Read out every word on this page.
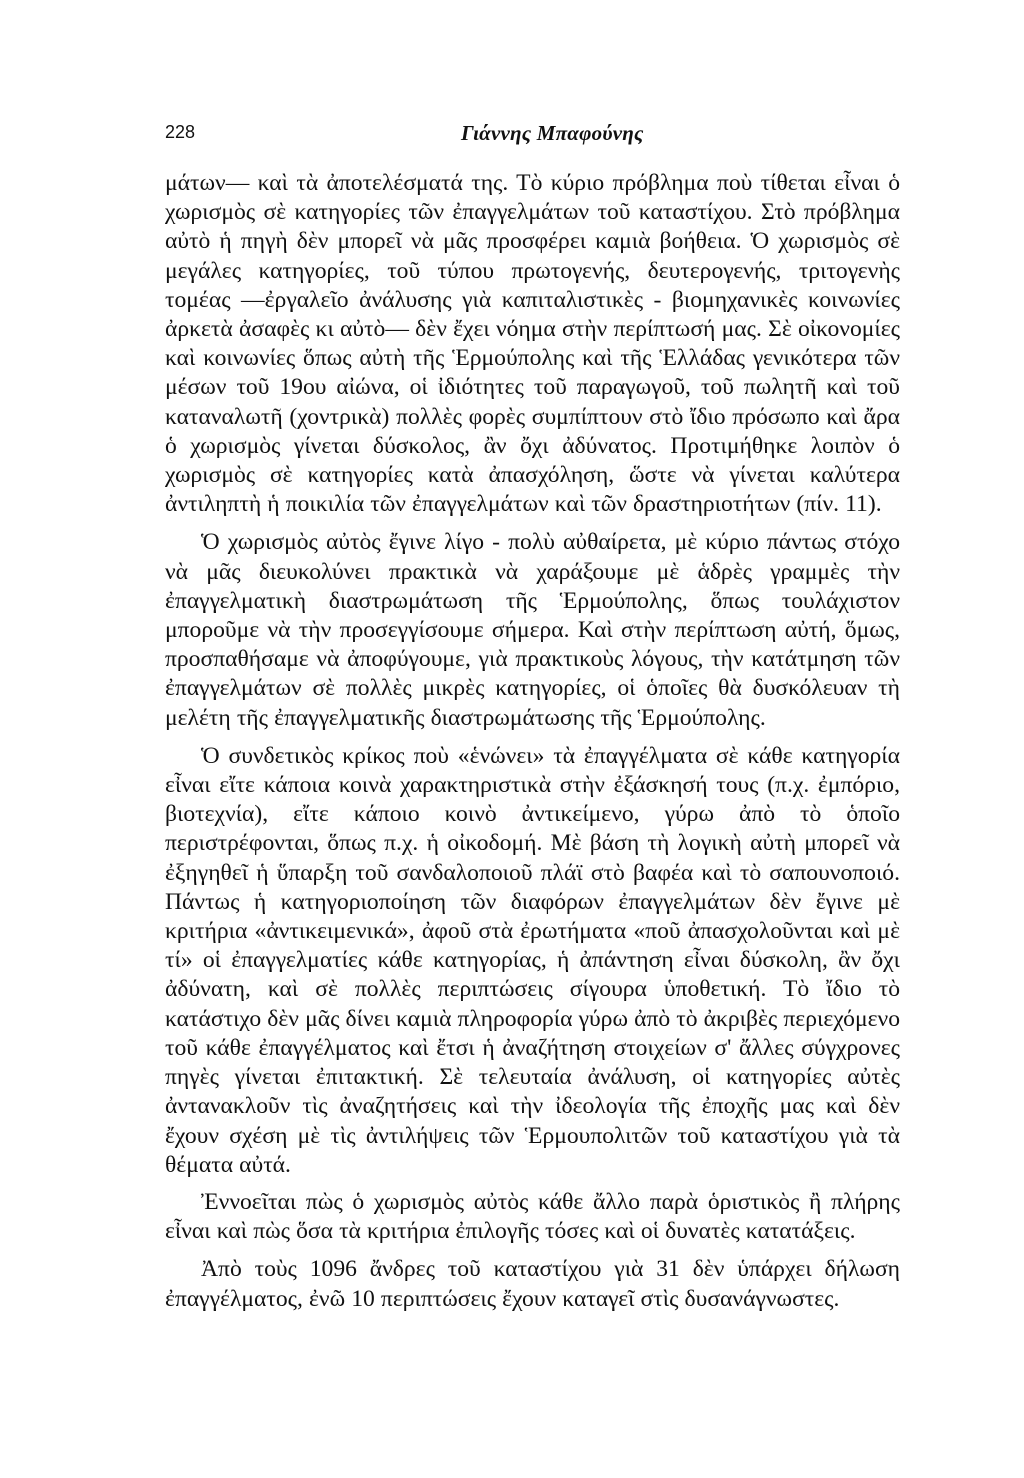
228	Γιάννης Μπαφούνης

μάτων— καὶ τὰ ἀποτελέσματά της. Τὸ κύριο πρόβλημα ποὺ τίθεται εἶναι ὁ χωρισμὸς σὲ κατηγορίες τῶν ἐπαγγελμάτων τοῦ καταστίχου. Στὸ πρόβλημα αὐτὸ ἡ πηγὴ δὲν μπορεῖ νὰ μᾶς προσφέρει καμιὰ βοήθεια. Ὁ χωρισμὸς σὲ μεγάλες κατηγορίες, τοῦ τύπου πρωτογενής, δευτερογενής, τριτογενὴς τομέας —ἐργαλεῖο ἀνάλυσης γιὰ καπιταλιστικὲς - βιομηχανικὲς κοινωνίες ἀρκετὰ ἀσαφὲς κι αὐτὸ— δὲν ἔχει νόημα στὴν περίπτωσή μας. Σὲ οἰκονομίες καὶ κοινωνίες ὅπως αὐτὴ τῆς Ἑρμούπολης καὶ τῆς Ἑλλάδας γενικότερα τῶν μέσων τοῦ 19ου αἰώνα, οἱ ἰδιότητες τοῦ παραγωγοῦ, τοῦ πωλητῆ καὶ τοῦ καταναλωτῆ (χοντρικὰ) πολλὲς φορὲς συμπίπτουν στὸ ἴδιο πρόσωπο καὶ ἄρα ὁ χωρισμὸς γίνεται δύσκολος, ἂν ὄχι ἀδύνατος. Προτιμήθηκε λοιπὸν ὁ χωρισμὸς σὲ κατηγορίες κατὰ ἀπασχόληση, ὥστε νὰ γίνεται καλύτερα ἀντιληπτὴ ἡ ποικιλία τῶν ἐπαγγελμάτων καὶ τῶν δραστηριοτήτων (πίν. 11).

Ὁ χωρισμὸς αὐτὸς ἔγινε λίγο - πολὺ αὐθαίρετα, μὲ κύριο πάντως στόχο νὰ μᾶς διευκολύνει πρακτικὰ νὰ χαράξουμε μὲ ἁδρὲς γραμμὲς τὴν ἐπαγγελματικὴ διαστρωμάτωση τῆς Ἑρμούπολης, ὅπως τουλάχιστον μποροῦμε νὰ τὴν προσεγγίσουμε σήμερα. Καὶ στὴν περίπτωση αὐτή, ὅμως, προσπαθήσαμε νὰ ἀποφύγουμε, γιὰ πρακτικοὺς λόγους, τὴν κατάτμηση τῶν ἐπαγγελμάτων σὲ πολλὲς μικρὲς κατηγορίες, οἱ ὁποῖες θὰ δυσκόλευαν τὴ μελέτη τῆς ἐπαγγελματικῆς διαστρωμάτωσης τῆς Ἑρμούπολης.

Ὁ συνδετικὸς κρίκος ποὺ «ἑνώνει» τὰ ἐπαγγέλματα σὲ κάθε κατηγορία εἶναι εἴτε κάποια κοινὰ χαρακτηριστικὰ στὴν ἐξάσκησή τους (π.χ. ἐμπόριο, βιοτεχνία), εἴτε κάποιο κοινὸ ἀντικείμενο, γύρω ἀπὸ τὸ ὁποῖο περιστρέφονται, ὅπως π.χ. ἡ οἰκοδομή. Μὲ βάση τὴ λογικὴ αὐτὴ μπορεῖ νὰ ἐξηγηθεῖ ἡ ὕπαρξη τοῦ σανδαλοποιοῦ πλάϊ στὸ βαφέα καὶ τὸ σαπουνοποιό. Πάντως ἡ κατηγοριοποίηση τῶν διαφόρων ἐπαγγελμάτων δὲν ἔγινε μὲ κριτήρια «ἀντικειμενικά», ἀφοῦ στὰ ἐρωτήματα «ποῦ ἀπασχολοῦνται καὶ μὲ τί» οἱ ἐπαγγελματίες κάθε κατηγορίας, ἡ ἀπάντηση εἶναι δύσκολη, ἂν ὄχι ἀδύνατη, καὶ σὲ πολλὲς περιπτώσεις σίγουρα ὑποθετική. Τὸ ἴδιο τὸ κατάστιχο δὲν μᾶς δίνει καμιὰ πληροφορία γύρω ἀπὸ τὸ ἀκριβὲς περιεχόμενο τοῦ κάθε ἐπαγγέλματος καὶ ἔτσι ἡ ἀναζήτηση στοιχείων σ' ἄλλες σύγχρονες πηγὲς γίνεται ἐπιτακτική. Σὲ τελευταία ἀνάλυση, οἱ κατηγορίες αὐτὲς ἀντανακλοῦν τὶς ἀναζητήσεις καὶ τὴν ἰδεολογία τῆς ἐποχῆς μας καὶ δὲν ἔχουν σχέση μὲ τὶς ἀντιλήψεις τῶν Ἑρμουπολιτῶν τοῦ καταστίχου γιὰ τὰ θέματα αὐτά.

Ἐννοεῖται πὼς ὁ χωρισμὸς αὐτὸς κάθε ἄλλο παρὰ ὁριστικὸς ἢ πλήρης εἶναι καὶ πὼς ὅσα τὰ κριτήρια ἐπιλογῆς τόσες καὶ οἱ δυνατὲς κατατάξεις.

Ἀπὸ τοὺς 1096 ἄνδρες τοῦ καταστίχου γιὰ 31 δὲν ὑπάρχει δήλωση ἐπαγγέλματος, ἐνῶ 10 περιπτώσεις ἔχουν καταγεῖ στὶς δυσανάγνωστες.
